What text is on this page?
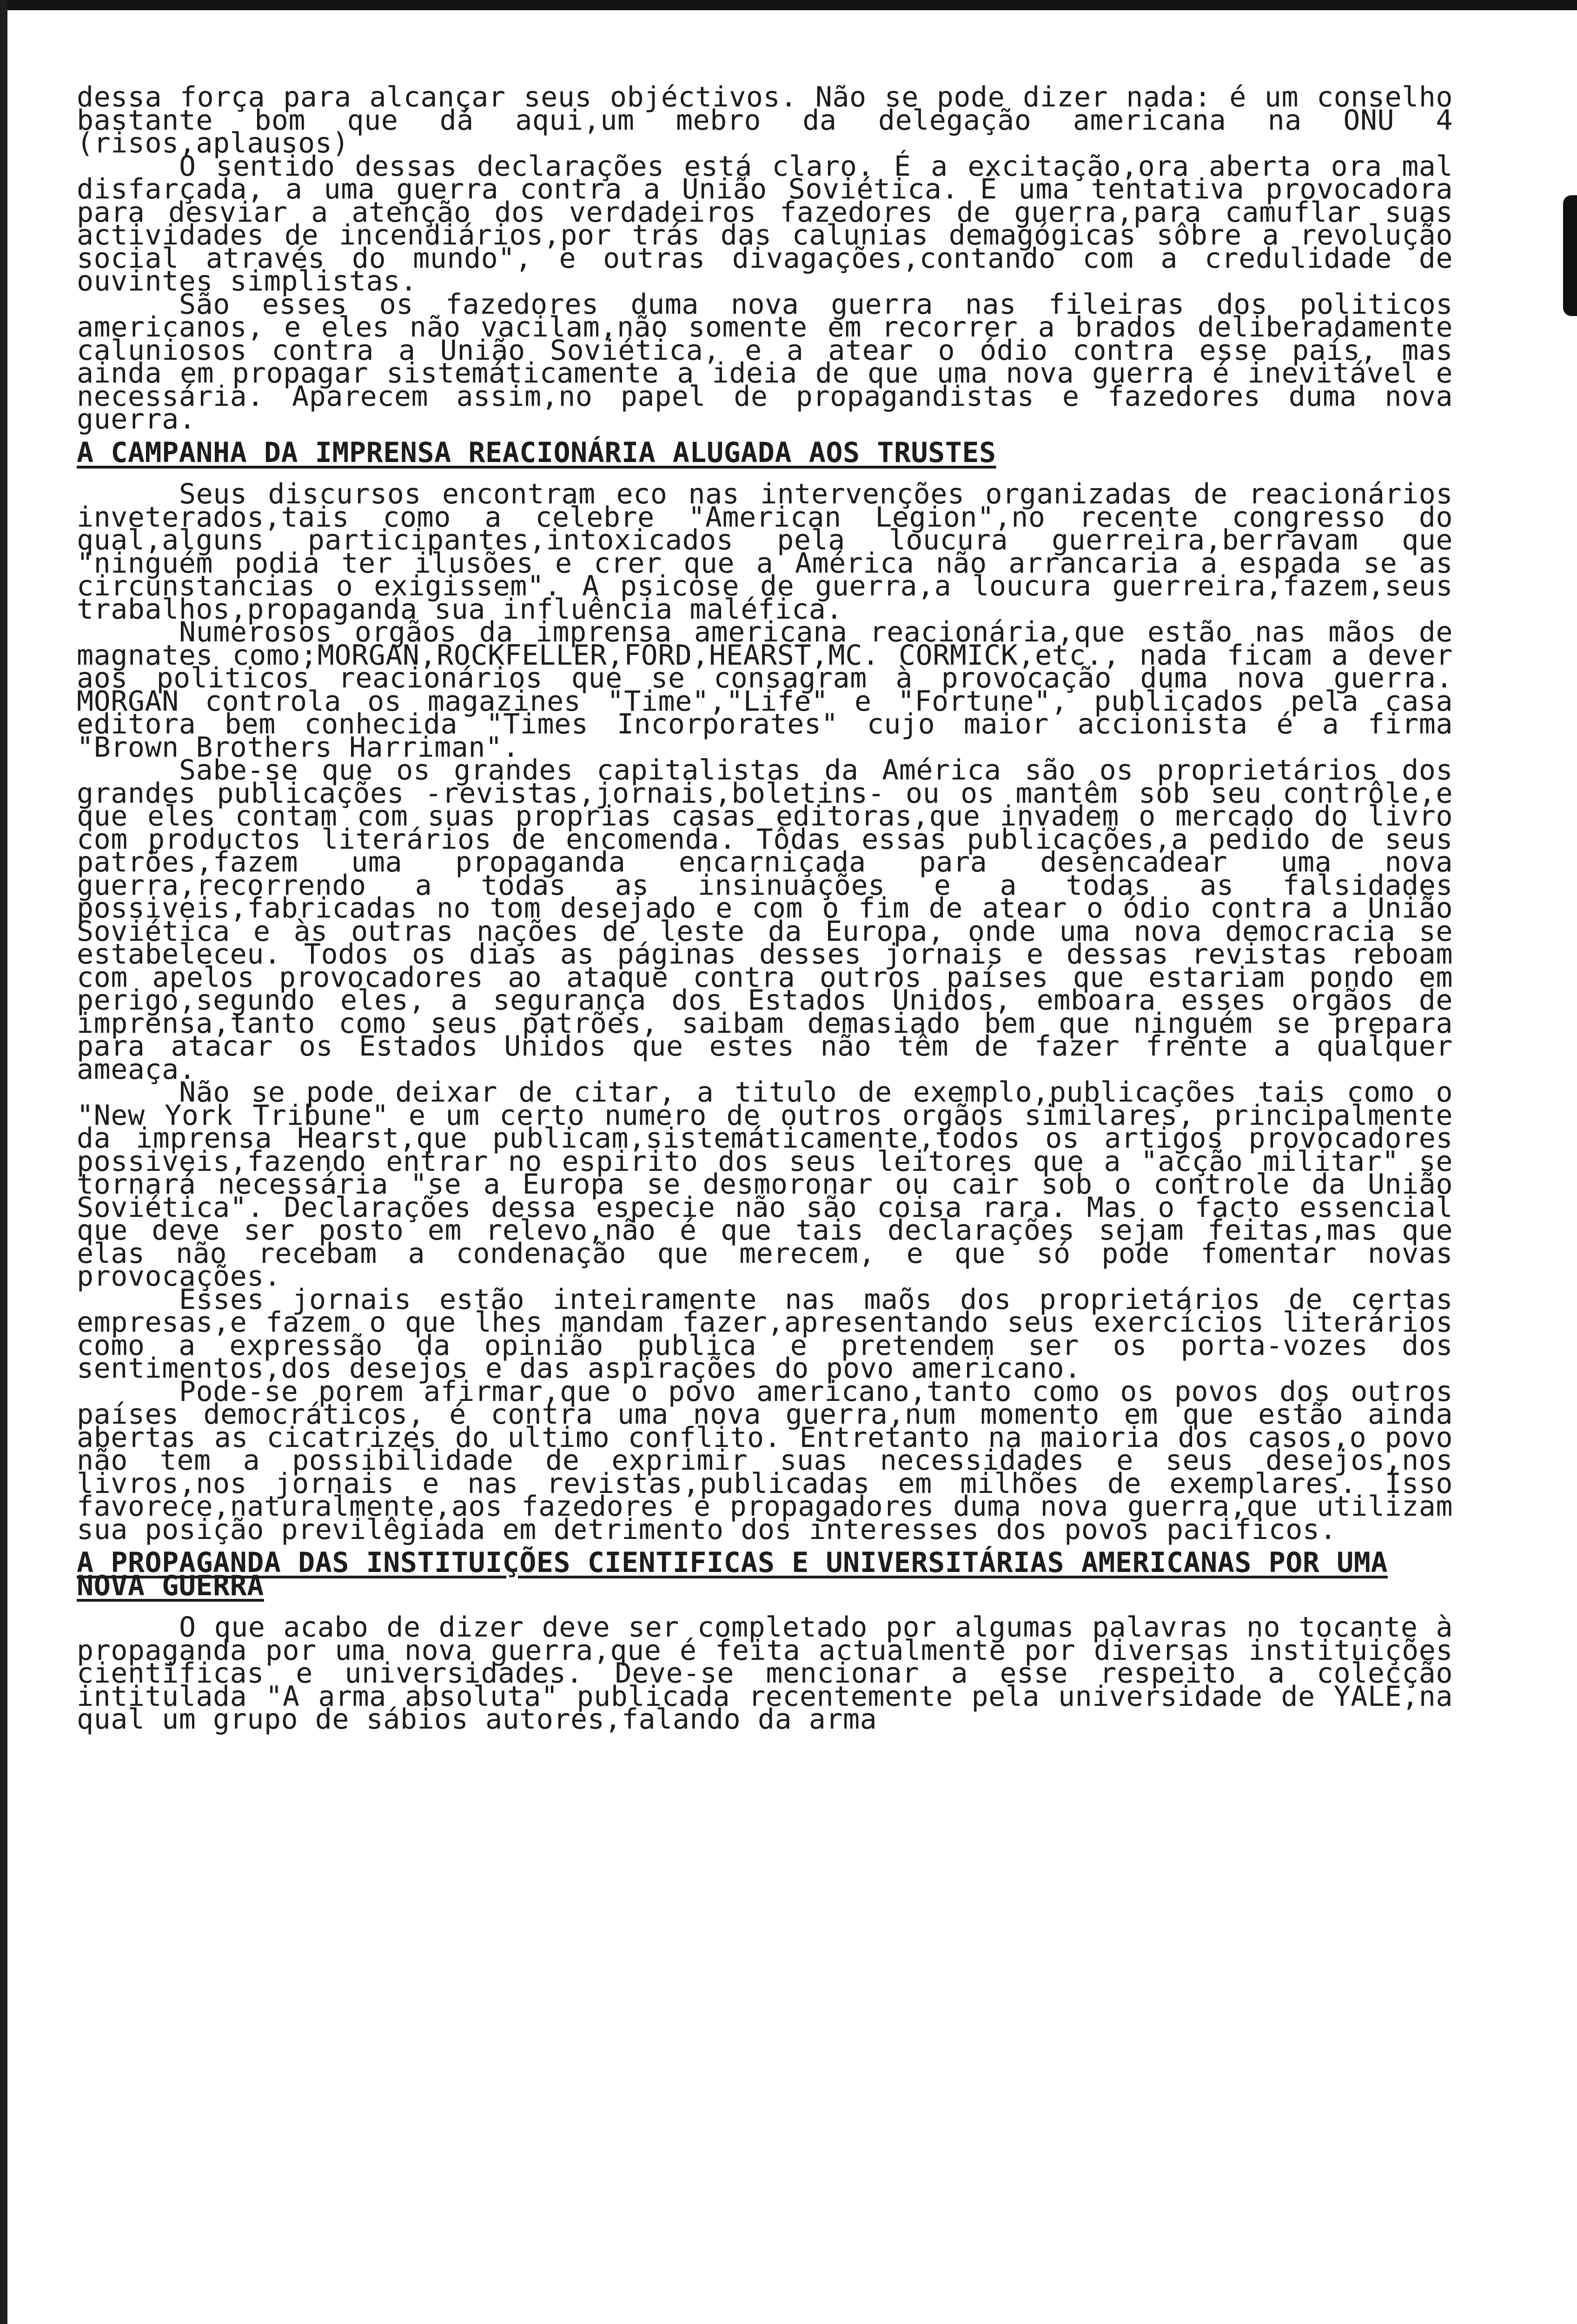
dessa força para alcançar seus objéctivos. Não se pode dizer nada: é um conselho bastante bom que dá aqui,um mebro da delegação americana na ONU 4 (risos,aplausos)

O sentido dessas declarações está claro. É a excitação,ora aberta ora mal disfarçada, a uma guerra contra a União Soviética. É uma tentativa provocadora para desviar a atenção dos verdadeiros fazedores de guerra,para camuflar suas actividades de incendiários,por trás das calunias demagógicas sôbre a revolução social através do mundo", e outras divagações,contando com a credulidade de ouvintes simplistas.

São esses os fazedores duma nova guerra nas fileiras dos politicos americanos, e eles não vacilam,não somente em recorrer a brados deliberadamente caluniosos contra a União Soviética, e a atear o ódio contra esse país, mas ainda em propagar sistemáticamente a ideia de que uma nova guerra é inevitável e necessária. Aparecem assim,no papel de propagandistas e fazedores duma nova guerra.

A CAMPANHA DA IMPRENSA REACIONÁRIA ALUGADA AOS TRUSTES

Seus discursos encontram eco nas intervenções organizadas de reacionários inveterados,tais como a celebre "American Legion",no recente congresso do qual,alguns participantes,intoxicados pela loucura guerreira,berravam que "ninguém podia ter ilusões e crer que a América não arrancaria a espada se as circunstancias o exigissem". A psicose de guerra,a loucura guerreira,fazem,seus trabalhos,propaganda sua influência maléfica.

Numerosos orgãos da imprensa americana reacionária,que estão nas mãos de magnates como;MORGAN,ROCKFELLER,FORD,HEARST,MC. CORMICK,etc., nada ficam a dever aos politicos reacionários que se consagram à provocação duma nova guerra. MORGAN controla os magazines "Time","Life" e "Fortune", publicados pela casa editora bem conhecida "Times Incorporates" cujo maior accionista é a firma "Brown Brothers Harriman".

Sabe-se que os grandes capitalistas da América são os proprietários dos grandes publicações -revistas,jornais,boletins- ou os mantêm sob seu contrôle,e que eles contam com suas proprias casas editoras,que invadem o mercado do livro com productos literários de encomenda. Tôdas essas publicações,a pedido de seus patrões,fazem uma propaganda encarniçada para desencadear uma nova guerra,recorrendo a todas as insinuações e a todas as falsidades possiveis,fabricadas no tom desejado e com o fim de atear o ódio contra a União Soviética e às outras nações de leste da Europa, onde uma nova democracia se estabeleceu. Todos os dias as páginas desses jornais e dessas revistas reboam com apelos provocadores ao ataque contra outros países que estariam pondo em perigo,segundo eles, a segurança dos Estados Unidos, emboara esses orgãos de imprensa,tanto como seus patrões, saibam demasiado bem que ninguém se prepara para atacar os Estados Unidos que estes não têm de fazer frente a qualquer ameaça.

Não se pode deixar de citar, a titulo de exemplo,publicações tais como o "New York Tribune" e um certo numero de outros orgãos similares, principalmente da imprensa Hearst,que publicam,sistemáticamente,todos os artigos provocadores possiveis,fazendo entrar no espirito dos seus leitores que a "acção militar" se tornará necessária "se a Europa se desmoronar ou cair sob o controle da União Soviética". Declarações dessa especie não são coisa rara. Mas o facto essencial que deve ser posto em relevo,não é que tais declarações sejam feitas,mas que elas não recebam a condenação que merecem, e que só pode fomentar novas provocações.

Esses jornais estão inteiramente nas maõs dos proprietários de certas empresas,e fazem o que lhes mandam fazer,apresentando seus exercícios literários como a expressão da opinião publica e pretendem ser os porta-vozes dos sentimentos,dos desejos e das aspirações do povo americano.

Pode-se porem afirmar,que o povo americano,tanto como os povos dos outros países democráticos, é contra uma nova guerra,num momento em que estão ainda abertas as cicatrizes do ultimo conflito. Entretanto na maioria dos casos,o povo não tem a possibilidade de exprimir suas necessidades e seus desejos,nos livros,nos jornais e nas revistas,publicadas em milhões de exemplares. Isso favorece,naturalmente,aos fazedores e propagadores duma nova guerra,que utilizam sua posição previlêgiada em detrimento dos interesses dos povos pacificos.

A PROPAGANDA DAS INSTITUIÇÕES CIENTIFICAS E UNIVERSITÁRIAS AMERICANAS POR UMA NOVA GUERRA

O que acabo de dizer deve ser completado por algumas palavras no tocante à propaganda por uma nova guerra,que é feita actualmente por diversas instituições cientificas e universidades. Deve-se mencionar a esse respeito a colecção intitulada "A arma absoluta" publicada recentemente pela universidade de YALE,na qual um grupo de sábios autores,falando da arma
